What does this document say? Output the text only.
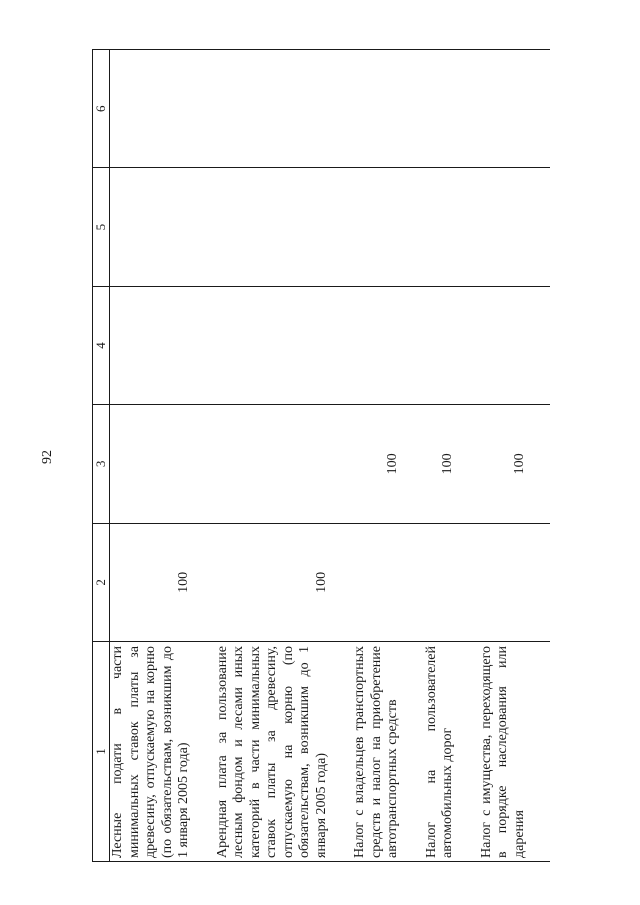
92
1	2	3	4	5	6

Лесные подати в части минимальных ставок платы за древесину, отпускаемую на корню (по обязательствам, возникшим до 1 января 2005 года)	100				

Арендная плата за пользование лесным фондом и лесами иных категорий в части минимальных ставок платы за древесину, отпускаемую на корню (по обязательствам, возникшим до 1 января 2005 года)	100				

Налог с владельцев транспортных средств и налог на приобретение автотранспортных средств		100			

Налог на пользователей автомобильных дорог		100			

Налог с имущества, переходящего в порядке наследования или дарения		100			
